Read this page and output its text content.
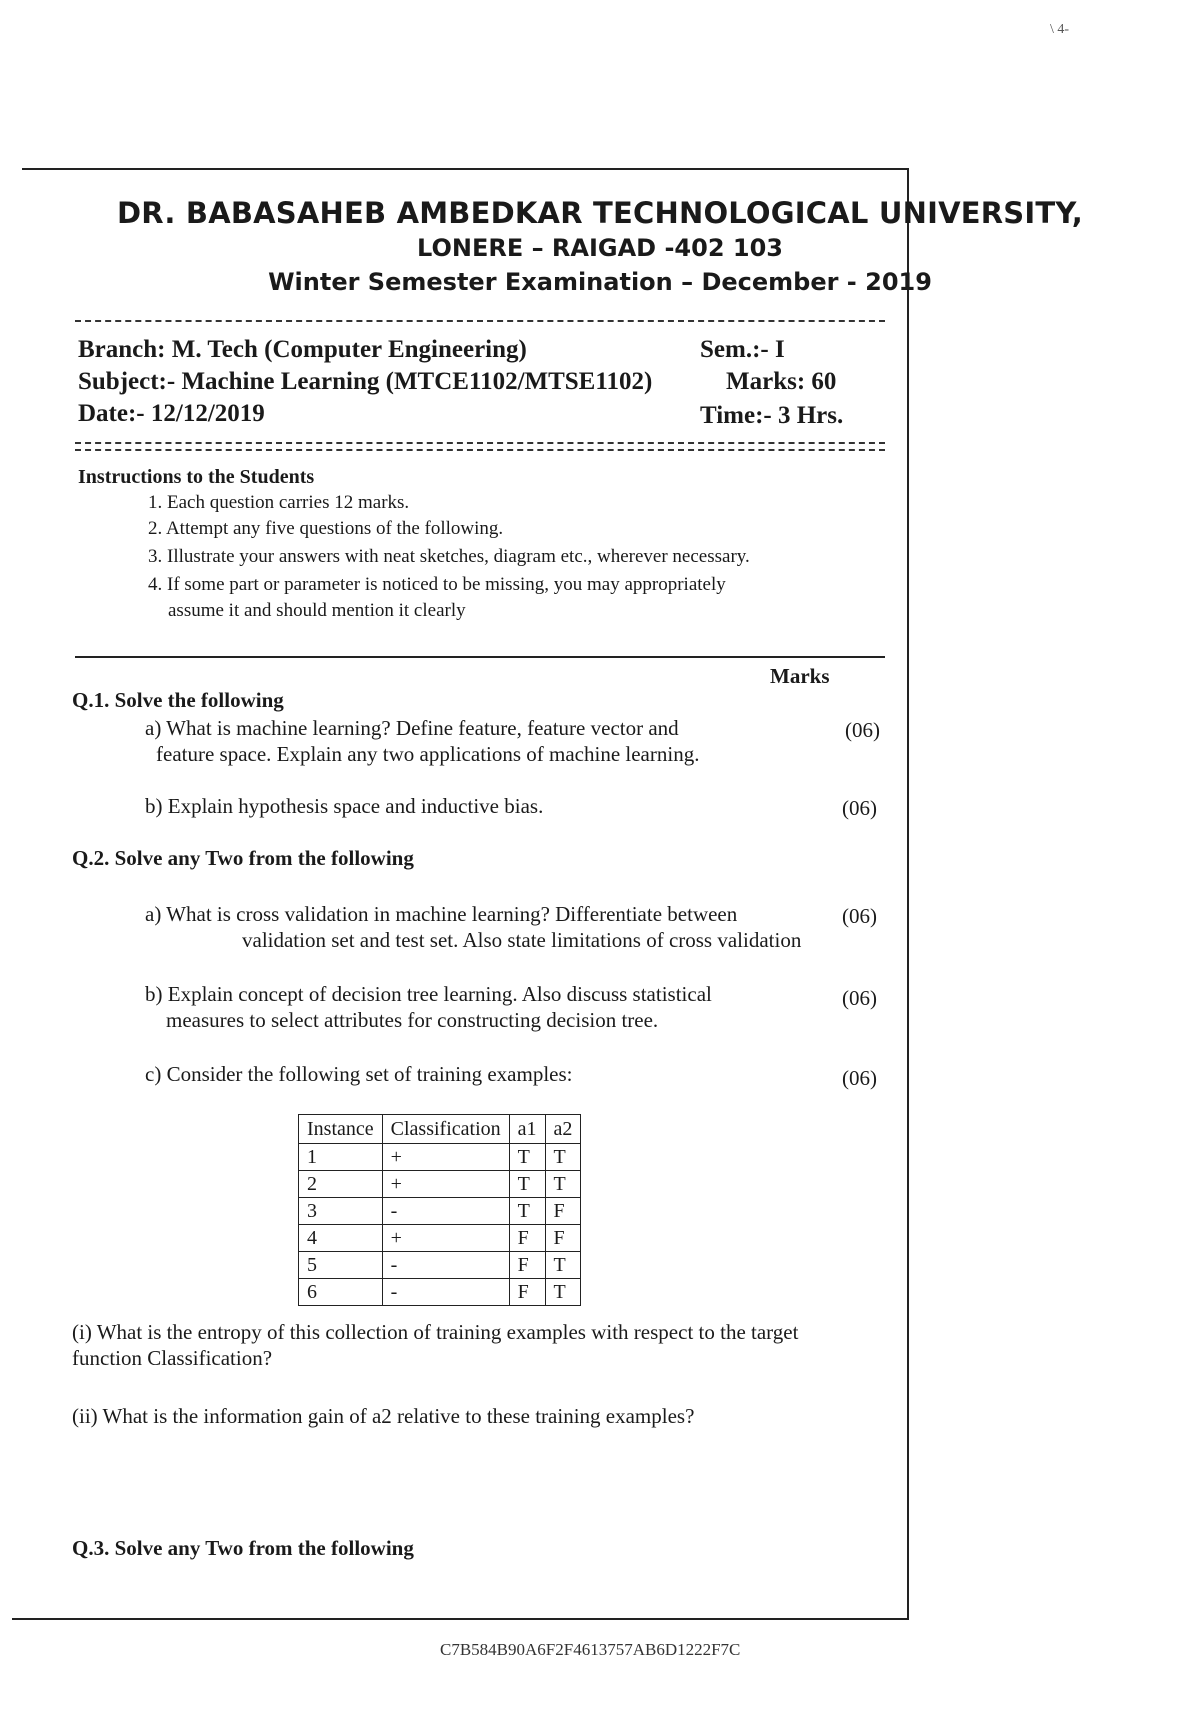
\ 4-
DR. BABASAHEB AMBEDKAR TECHNOLOGICAL UNIVERSITY,
LONERE – RAIGAD -402 103
Winter Semester Examination – December - 2019
Branch: M. Tech (Computer Engineering)	Sem.:- I
Subject:- Machine Learning (MTCE1102/MTSE1102)	Marks: 60
Date:- 12/12/2019	Time:- 3 Hrs.
Instructions to the Students
1. Each question carries 12 marks.
2. Attempt any five questions of the following.
3. Illustrate your answers with neat sketches, diagram etc., wherever necessary.
4. If some part or parameter is noticed to be missing, you may appropriately
assume it and should mention it clearly
Marks
Q.1. Solve the following
a) What is machine learning? Define feature, feature vector and
feature space. Explain any two applications of machine learning.
(06)
b) Explain hypothesis space and inductive bias.	(06)
Q.2. Solve any Two from the following
a) What is cross validation in machine learning? Differentiate between
validation set and test set. Also state limitations of cross validation
(06)
b) Explain concept of decision tree learning. Also discuss statistical
measures to select attributes for constructing decision tree.
(06)
c) Consider the following set of training examples:	(06)
Instance	Classification	a1	a2
1	+	T	T
2	+	T	T
3	-	T	F
4	+	F	F
5	-	F	T
6	-	F	T
(i) What is the entropy of this collection of training examples with respect to the target
function Classification?
(ii) What is the information gain of a2 relative to these training examples?
Q.3. Solve any Two from the following
C7B584B90A6F2F4613757AB6D1222F7C
